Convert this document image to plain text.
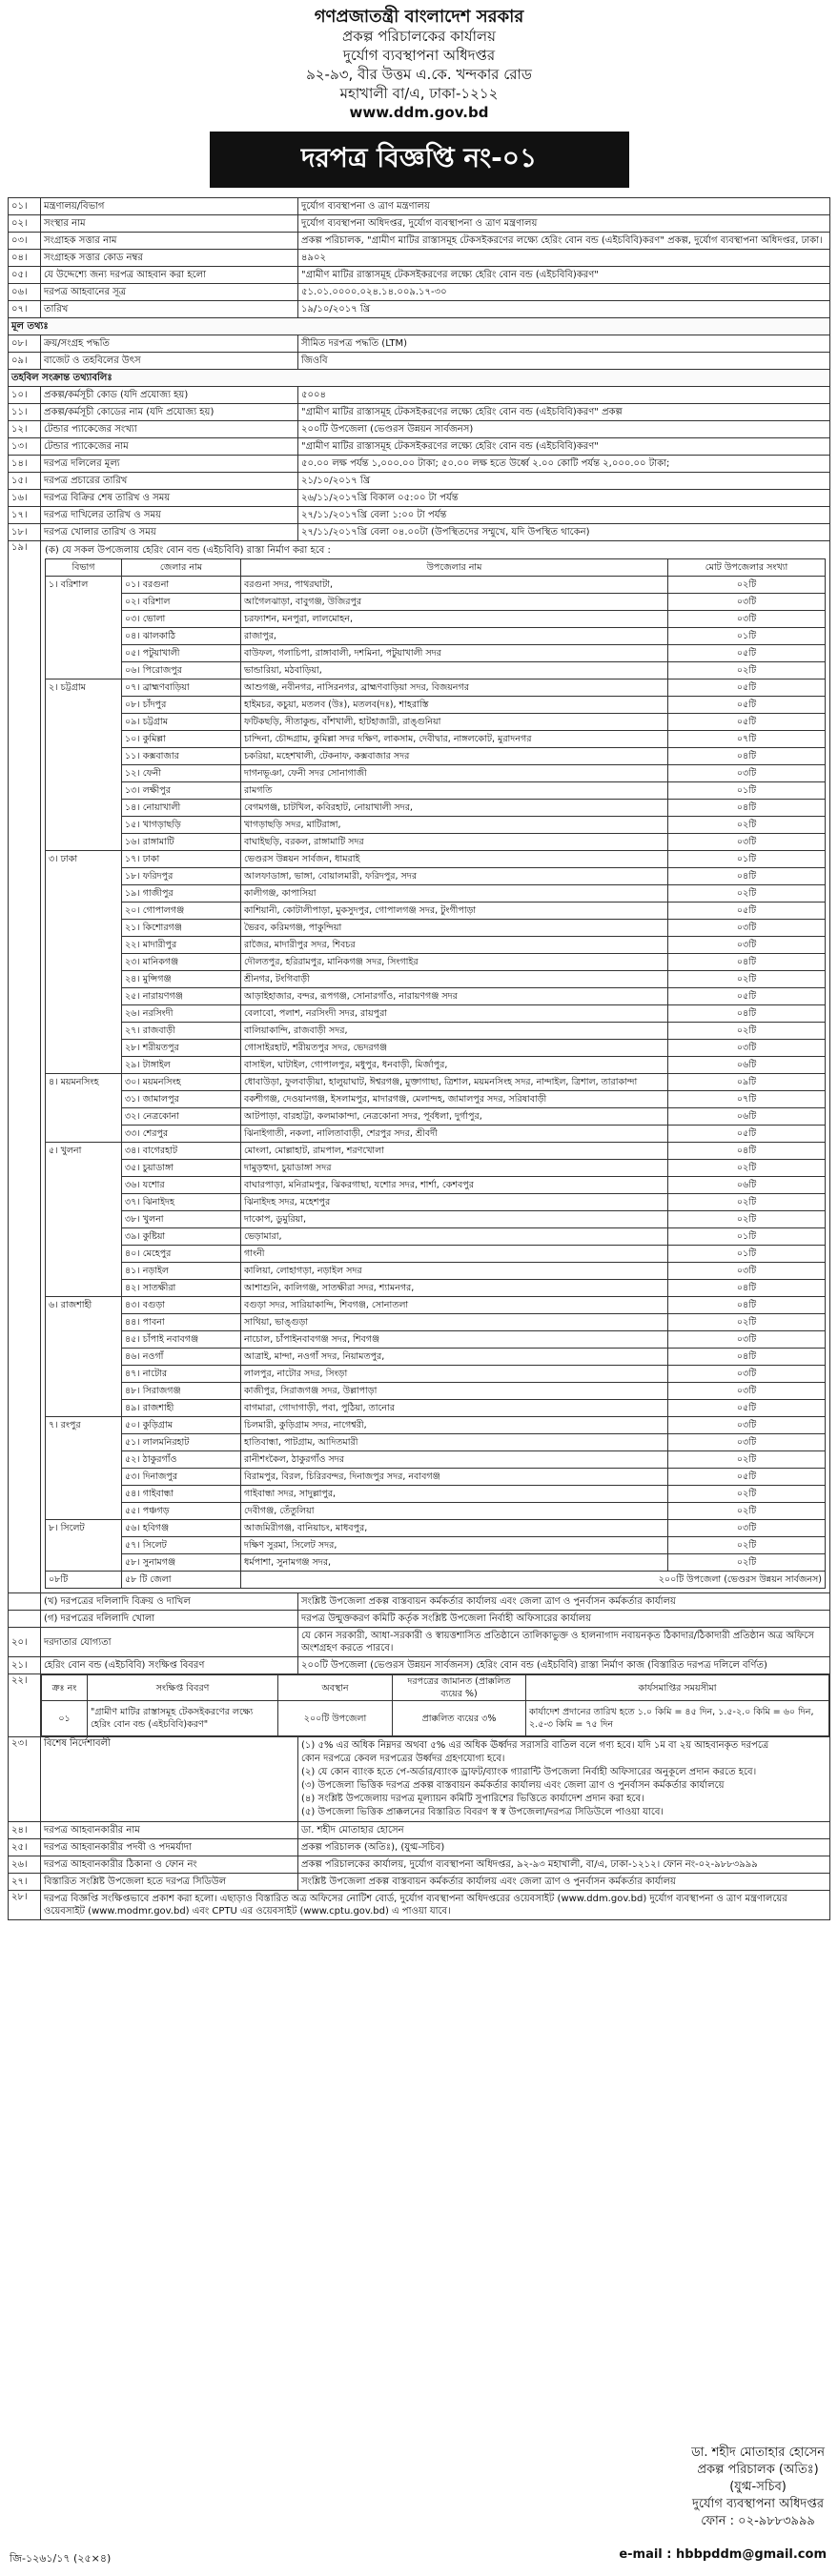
গণপ্রজাতন্ত্রী বাংলাদেশ সরকার
প্রকল্প পরিচালকের কার্যালয়
দুর্যোগ ব্যবস্থাপনা অধিদপ্তর
৯২-৯৩, বীর উত্তম এ.কে. খন্দকার রোড
মহাখালী বা/এ, ঢাকা-১২১২
www.ddm.gov.bd
দরপত্র বিজ্ঞপ্তি নং-০১
০১।	মন্ত্রণালয়/বিভাগ	দুর্যোগ ব্যবস্থাপনা ও ত্রাণ মন্ত্রণালয়
০২।	সংস্থার নাম	দুর্যোগ ব্যবস্থাপনা অধিদপ্তর, দুর্যোগ ব্যবস্থাপনা ও ত্রাণ মন্ত্রণালয়
০৩।	সংগ্রাহক সত্তার নাম	প্রকল্প পরিচালক, "গ্রামীণ মাটির রাস্তাসমূহ টেকসইকরণের লক্ষ্যে হেরিং বোন বন্ড (এইচবিবি)করণ" প্রকল্প, দুর্যোগ ব্যবস্থাপনা অধিদপ্তর, ঢাকা।
০৪।	সংগ্রাহক সত্তার কোড নম্বর	৪৯০২
০৫।	যে উদ্দেশ্যে জন্য দরপত্র আহবান করা হলো	"গ্রামীণ মাটির রাস্তাসমূহ টেকসইকরণের লক্ষ্যে হেরিং বোন বন্ড (এইচবিবি)করণ"
০৬।	দরপত্র আহবানের সূত্র	৫১.০১.০০০০.০২৪.১৪.০০৯.১৭-৩০
০৭।	তারিখ	১৯/১০/২০১৭ খ্রি
মূল তথ্যঃ
০৮।	ক্রয়/সংগ্রহ পদ্ধতি	সীমিত দরপত্র পদ্ধতি (LTM)
০৯।	বাজেট ও তহবিলের উৎস	জিওবি
তহবিল সংক্রান্ত তথ্যাবলিঃ
১০।	প্রকল্প/কর্মসূচী কোড (যদি প্রযোজ্য হয়)	৫০০৪
১১।	প্রকল্প/কর্মসূচী কোডের নাম (যদি প্রযোজ্য হয়)	"গ্রামীণ মাটির রাস্তাসমূহ টেকসইকরণের লক্ষ্যে হেরিং বোন বন্ড (এইচবিবি)করণ" প্রকল্প
১২।	টেন্ডার প্যাকেজের সংখ্যা	২০০টি উপজেলা (ভেণ্ডরস উন্নয়ন সার্বজনস)
১৩।	টেন্ডার প্যাকেজের নাম	"গ্রামীণ মাটির রাস্তাসমূহ টেকসইকরণের লক্ষ্যে হেরিং বোন বন্ড (এইচবিবি)করণ"
১৪।	দরপত্র দলিলের মূল্য	৫০.০০ লক্ষ পর্যন্ত ১,০০০.০০ টাকা; ৫০.০০ লক্ষ হতে উর্ধ্বে ২.০০ কোটি পর্যন্ত ২,০০০.০০ টাকা;
১৫।	দরপত্র প্রচারের তারিখ	২১/১০/২০১৭ খ্রি
১৬।	দরপত্র বিক্রির শেষ তারিখ ও সময়	২৬/১১/২০১৭খ্রি বিকাল ০৫:০০ টা পর্যন্ত
১৭।	দরপত্র দাখিলের তারিখ ও সময়	২৭/১১/২০১৭খ্রি বেলা ১:০০ টা পর্যন্ত
১৮।	দরপত্র খোলার তারিখ ও সময়	২৭/১১/২০১৭খ্রি বেলা ০৪.০০টা (উপস্থিতদের সম্মুখে, যদি উপস্থিত থাকেন)
১৯।	(ক) যে সকল উপজেলায় হেরিং বোন বন্ড (এইচবিবি) রাস্তা নির্মাণ করা হবে :
বিভাগ	জেলার নাম	উপজেলার নাম	মোট উপজেলার সংখ্যা
১। বরিশাল	০১। বরগুনা	বরগুনা সদর, পাথরঘাটা,	০২টি
	০২। বরিশাল	আগৈলঝাড়া, বাবুগঞ্জ, উজিরপুর	০৩টি
	০৩। ভোলা	চরফ্যাশন, মনপুরা, লালমোহন,	০৩টি
	০৪। ঝালকাঠি	রাজাপুর,	০১টি
	০৫। পটুয়াখালী	বাউফল, গলাচিপা, রাঙ্গাবালী, দশমিনা, পটুয়াখালী সদর	০৫টি
	০৬। পিরোজপুর	ভান্ডারিয়া, মঠবাড়িয়া,	০২টি
২। চট্টগ্রাম	০৭। ব্রাহ্মণবাড়িয়া	আশুগঞ্জ, নবীনগর, নাসিরনগর, ব্রাহ্মণবাড়িয়া সদর, বিজয়নগর	০৫টি
	০৮। চাঁদপুর	হাইমচর, কচুয়া, মতলব (উঃ), মতলব(দঃ), শাহরাস্তি	০৫টি
	০৯। চট্টগ্রাম	ফটিকছড়ি, সীতাকুন্ড, বাঁশখালী, হাটহাজারী, রাঙ্গুনিয়া	০৫টি
	১০। কুমিল্লা	চান্দিনা, চৌদ্দগ্রাম, কুমিল্লা সদর দক্ষিণ, লাকসাম, দেবীদ্বার, নাঙ্গলকোট, মুরাদনগর	০৭টি
	১১। কক্সবাজার	চকরিয়া, মহেশখালী, টেকনাফ, কক্সবাজার সদর	০৪টি
	১২। ফেনী	দাগনভূঞা, ফেনী সদর সোনাগাজী	০৩টি
	১৩। লক্ষীপুর	রামগতি	০১টি
	১৪। নোয়াখালী	বেগমগঞ্জ, চাটখিল, কবিরহাট, নোয়াখালী সদর,	০৪টি
	১৫। খাগড়াছড়ি	খাগড়াছড়ি সদর, মাটিরাঙ্গা,	০২টি
	১৬। রাঙ্গামাটি	বাঘাইছড়ি, বরকল, রাঙ্গামাটি সদর	০৩টি
৩। ঢাকা	১৭। ঢাকা	ভেণ্ডরস উন্নয়ন সার্বজন, ধামরাই	০১টি
	১৮। ফরিদপুর	আলফাডাঙ্গা, ভাঙ্গা, বোয়ালমারী, ফরিদপুর, সদর	০৪টি
	১৯। গাজীপুর	কালীগঞ্জ, কাপাসিয়া	০২টি
	২০। গোপালগঞ্জ	কাশিয়ানী, কোটালীপাড়া, মুকসুদপুর, গোপালগঞ্জ সদর, টুংগীপাড়া	০৫টি
	২১। কিশোরগঞ্জ	ভৈরব, করিমগঞ্জ, পাকুন্দিয়া	০৩টি
	২২। মাদারীপুর	রাজৈর, মাদারীপুর সদর, শিবচর	০৩টি
	২৩। মানিকগঞ্জ	দৌলতপুর, হরিরামপুর, মানিকগঞ্জ সদর, সিংগাইর	০৪টি
	২৪। মুন্সিগঞ্জ	শ্রীনগর, টংগিবাড়ী	০২টি
	২৫। নারায়ণগঞ্জ	আড়াইহাজার, বন্দর, রূপগঞ্জ, সোনারগাঁও, নারায়ণগঞ্জ সদর	০৫টি
	২৬। নরসিংদী	বেলাবো, পলাশ, নরসিংদী সদর, রায়পুরা	০৪টি
	২৭। রাজবাড়ী	বালিয়াকান্দি, রাজবাড়ী সদর,	০২টি
	২৮। শরীয়তপুর	গোসাইরহাট, শরীয়তপুর সদর, ভেদরগঞ্জ	০৩টি
	২৯। টাঙ্গাইল	বাসাইল, ঘাটাইল, গোপালপুর, মধুপুর, ধনবাড়ী, মির্জাপুর,	০৬টি
৪। ময়মনসিংহ	৩০। ময়মনসিংহ	ধোবাউড়া, ফুলবাড়ীয়া, হালুয়াঘাট, ঈশ্বরগঞ্জ, মুক্তাগাছা, ত্রিশাল, ময়মনসিংহ সদর, নান্দাইল, ত্রিশাল, তারাকান্দা	০৯টি
	৩১। জামালপুর	বকশীগঞ্জ, দেওয়ানগঞ্জ, ইসলামপুর, মাদারগঞ্জ, মেলান্দহ, জামালপুর সদর, সরিষাবাড়ী	০৭টি
	৩২। নেত্রকোনা	আটপাড়া, বারহাট্টা, কলমাকান্দা, নেত্রকোনা সদর, পূর্বধলা, দুর্গাপুর,	০৬টি
	৩৩। শেরপুর	ঝিনাইগাতী, নকলা, নালিতাবাড়ী, শেরপুর সদর, শ্রীবর্দী	০৫টি
৫। খুলনা	৩৪। বাগেরহাট	মোংলা, মোল্লাহাট, রামপাল, শরণখোলা	০৪টি
	৩৫। চুয়াডাঙ্গা	দামুড়হুদা, চুয়াডাঙ্গা সদর	০২টি
	৩৬। যশোর	বাঘারপাড়া, মনিরামপুর, ঝিকরগাছা, যশোর সদর, শার্শা, কেশবপুর	০৬টি
	৩৭। ঝিনাইদহ	ঝিনাইদহ সদর, মহেশপুর	০২টি
	৩৮। খুলনা	দাকোপ, ডুমুরিয়া,	০২টি
	৩৯। কুষ্টিয়া	ভেড়ামারা,	০১টি
	৪০। মেহেপুর	গাংনী	০১টি
	৪১। নড়াইল	কালিয়া, লোহাগড়া, নড়াইল সদর	০৩টি
	৪২। সাতক্ষীরা	আশাশুনি, কালিগঞ্জ, সাতক্ষীরা সদর, শ্যামনগর,	০৪টি
৬। রাজশাহী	৪৩। বগুড়া	বগুড়া সদর, সারিয়াকান্দি, শিবগঞ্জ, সোনাতলা	০৪টি
	৪৪। পাবনা	সাথিয়া, ভাঙ্গুড়া	০২টি
	৪৫। চাঁপাই নবাবগঞ্জ	নাচোল, চাঁপাইনবাবগঞ্জ সদর, শিবগঞ্জ	০৩টি
	৪৬। নওগাঁ	আত্রাই, মান্দা, নওগাঁ সদর, নিয়ামতপুর,	০৪টি
	৪৭। নাটোর	লালপুর, নাটোর সদর, সিংড়া	০৩টি
	৪৮। সিরাজগঞ্জ	কাজীপুর, সিরাজগঞ্জ সদর, উল্লাপাড়া	০৩টি
	৪৯। রাজশাহী	বাগমারা, গোদাগাড়ী, পবা, পুঠিয়া, তানোর	০৫টি
৭। রংপুর	৫০। কুড়িগ্রাম	চিলমারী, কুড়িগ্রাম সদর, নাগেশ্বরী,	০৩টি
	৫১। লালমনিরহাট	হাতিবান্ধা, পাটগ্রাম, আদিতমারী	০৩টি
	৫২। ঠাকুরগাঁও	রানীশংকৈল, ঠাকুরগাঁও সদর	০২টি
	৫৩। দিনাজপুর	বিরামপুর, বিরল, চিরিরবন্দর, দিনাজপুর সদর, নবাবগঞ্জ	০৫টি
	৫৪। গাইবান্ধা	গাইবান্ধা সদর, সাদুল্লাপুর,	০২টি
	৫৫। পঞ্চগড়	দেবীগঞ্জ, তেঁতুলিয়া	০২টি
৮। সিলেট	৫৬। হবিগঞ্জ	আজমিরীগঞ্জ, বানিয়াচং, মাধবপুর,	০৩টি
	৫৭। সিলেট	দক্ষিণ সুরমা, সিলেট সদর,	০২টি
	৫৮। সুনামগঞ্জ	ধর্মপাশা, সুনামগঞ্জ সদর,	০২টি
০৮টি	৫৮ টি জেলা	২০০টি উপজেলা (ভেণ্ডরস উন্নয়ন সার্বজনস)

	(খ) দরপত্রের দলিলাদি বিক্রয় ও দাখিল	সংশ্লিষ্ট উপজেলা প্রকল্প বাস্তবায়ন কর্মকর্তার কার্যালয় এবং জেলা ত্রাণ ও পুনর্বাসন কর্মকর্তার কার্যালয়
	(গ) দরপত্রের দলিলাদি খোলা	দরপত্র উন্মুক্তকরণ কমিটি কর্তৃক সংশ্লিষ্ট উপজেলা নির্বাহী অফিসারের কার্যালয়
২০।	দরদাতার যোগ্যতা	যে কোন সরকারী, আধা-সরকারী ও স্বায়ত্তশাসিত প্রতিষ্ঠানে তালিকাভুক্ত ও হালনাগাদ নবায়নকৃত ঠিকাদার/ঠিকাদারী প্রতিষ্ঠান অত্র অফিসে অংশগ্রহণ করতে পারবে।
২১।	হেরিং বোন বন্ড (এইচবিবি) সংক্ষিপ্ত বিবরণ	২০০টি উপজেলা (ভেণ্ডরস উন্নয়ন সার্বজনস) হেরিং বোন বন্ড (এইচবিবি) রাস্তা নির্মাণ কাজ (বিস্তারিত দরপত্র দলিলে বর্ণিত)
২২।	
ক্রঃ নং	সংক্ষিপ্ত বিবরণ	অবস্থান	দরপত্রের জামানত (প্রাক্কলিত ব্যয়ের %)	কার্যসমাপ্তির সময়সীমা
০১	"গ্রামীণ মাটির রাস্তাসমূহ টেকসইকরণের লক্ষ্যে হেরিং বোন বন্ড (এইচবিবি)করণ"	২০০টি উপজেলা	প্রাক্কলিত ব্যয়ের ৩%	কার্যাদেশ প্রদানের তারিখ হতে ১.০ কিমি = ৪৫ দিন, ১.৫-২.০ কিমি = ৬০ দিন, ২.৫-৩ কিমি = ৭৫ দিন

২৩।	বিশেষ নির্দেশাবলী	(১) ৫% এর অধিক নিম্নদর অথবা ৫% এর অধিক ঊর্ধ্বদর সরাসরি বাতিল বলে গণ্য হবে। যদি ১ম বা ২য় আহবানকৃত দরপত্রে
কোন দরপত্রে কেবল দরপত্রের উর্ধ্বদর গ্রহণযোগ্য হবে।
(২) যে কোন ব্যাংক হতে পে-অর্ডার/ব্যাংক ড্রাফট/ব্যাংক গ্যারান্টি উপজেলা নির্বাহী অফিসারের অনুকূলে প্রদান করতে হবে।
(৩) উপজেলা ভিত্তিক দরপত্র প্রকল্প বাস্তবায়ন কর্মকর্তার কার্যালয় এবং জেলা ত্রাণ ও পুনর্বাসন কর্মকর্তার কার্যালয়ে
(৪) সংশ্লিষ্ট উপজেলায় দরপত্র মূল্যায়ন কমিটি সুপারিশের ভিত্তিতে কার্যাদেশ প্রদান করা হবে।
(৫) উপজেলা ভিত্তিক প্রাক্কলনের বিস্তারিত বিবরণ স্ব স্ব উপজেলা/দরপত্র সিডিউলে পাওয়া যাবে।

২৪।	দরপত্র আহবানকারীর নাম	ডা. শহীদ মোতাহার হোসেন
২৫।	দরপত্র আহবানকারীর পদবী ও পদমর্যাদা	প্রকল্প পরিচালক (অতিঃ), (যুগ্ম-সচিব)
২৬।	দরপত্র আহবানকারীর ঠিকানা ও ফোন নং	প্রকল্প পরিচালকের কার্যালয়, দুর্যোগ ব্যবস্থাপনা অধিদপ্তর, ৯২-৯৩ মহাখালী, বা/এ, ঢাকা-১২১২। ফোন নং-০২-৯৮৮৩৯৯৯
২৭।	বিস্তারিত সংশ্লিষ্ট উপজেলা হতে দরপত্র সিডিউল	সংশ্লিষ্ট উপজেলা প্রকল্প বাস্তবায়ন কর্মকর্তার কার্যালয় এবং জেলা ত্রাণ ও পুনর্বাসন কর্মকর্তার কার্যালয়
২৮।	দরপত্র বিজ্ঞপ্তি সংক্ষিপ্তভাবে প্রকাশ করা হলো। এছাড়াও বিস্তারিত অত্র অফিসের নোটিশ বোর্ড, দুর্যোগ ব্যবস্থাপনা অধিদপ্তরের ওয়েবসাইট (www.ddm.gov.bd) দুর্যোগ ব্যবস্থাপনা ও ত্রাণ মন্ত্রণালয়ের ওয়েবসাইট (www.modmr.gov.bd) এবং CPTU এর ওয়েবসাইট (www.cptu.gov.bd) এ পাওয়া যাবে।
ডা. শহীদ মোতাহার হোসেন
প্রকল্প পরিচালক (অতিঃ)
(যুগ্ম-সচিব)
দুর্যোগ ব্যবস্থাপনা অধিদপ্তর
ফোন : ০২-৯৮৮৩৯৯৯
e-mail : hbbpddm@gmail.com
জি-১২৬১/১৭ (২৫×৪)
